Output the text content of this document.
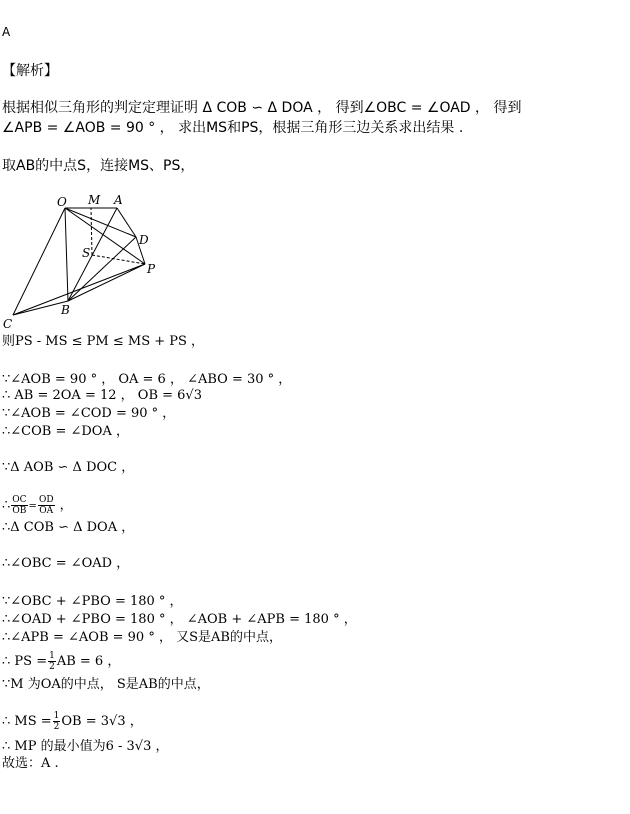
A
【解析】
根据相似三角形的判定定理证明 Δ COB ∽ Δ DOA ， 得到∠OBC = ∠OAD ， 得到
∠APB = ∠AOB = 90 ° ， 求出MS和PS，根据三角形三边关系求出结果 .
取AB的中点S，连接MS、PS，
O M A
D
S
P
B
C
则PS - MS ≤ PM ≤ MS + PS ，
∵∠AOB = 90 ° ， OA = 6 ， ∠ABO = 30 ° ，
∴ AB = 2OA = 12 ， OB = 6√3
∵∠AOB = ∠COD = 90 ° ，
∴∠COB = ∠DOA ，
∵Δ AOB ∽ Δ DOC ，
∴ $\frac{OC}{OB} = \frac{OD}{OA}$ ，
∴Δ COB ∽ Δ DOA ，
∴∠OBC = ∠OAD ，
∵∠OBC + ∠PBO = 180 ° ，
∴∠OAD + ∠PBO = 180 ° ， ∠AOB + ∠APB = 180 ° ，
∴∠APB = ∠AOB = 90 ° ， 又S是AB的中点，
∴ PS = $\frac{1}{2}$ AB = 6 ，
∵M 为OA的中点， S是AB的中点，
∴ MS = $\frac{1}{2}$ OB = 3√3 ，
∴ MP 的最小值为6 - 3√3 ，
故选：A .
